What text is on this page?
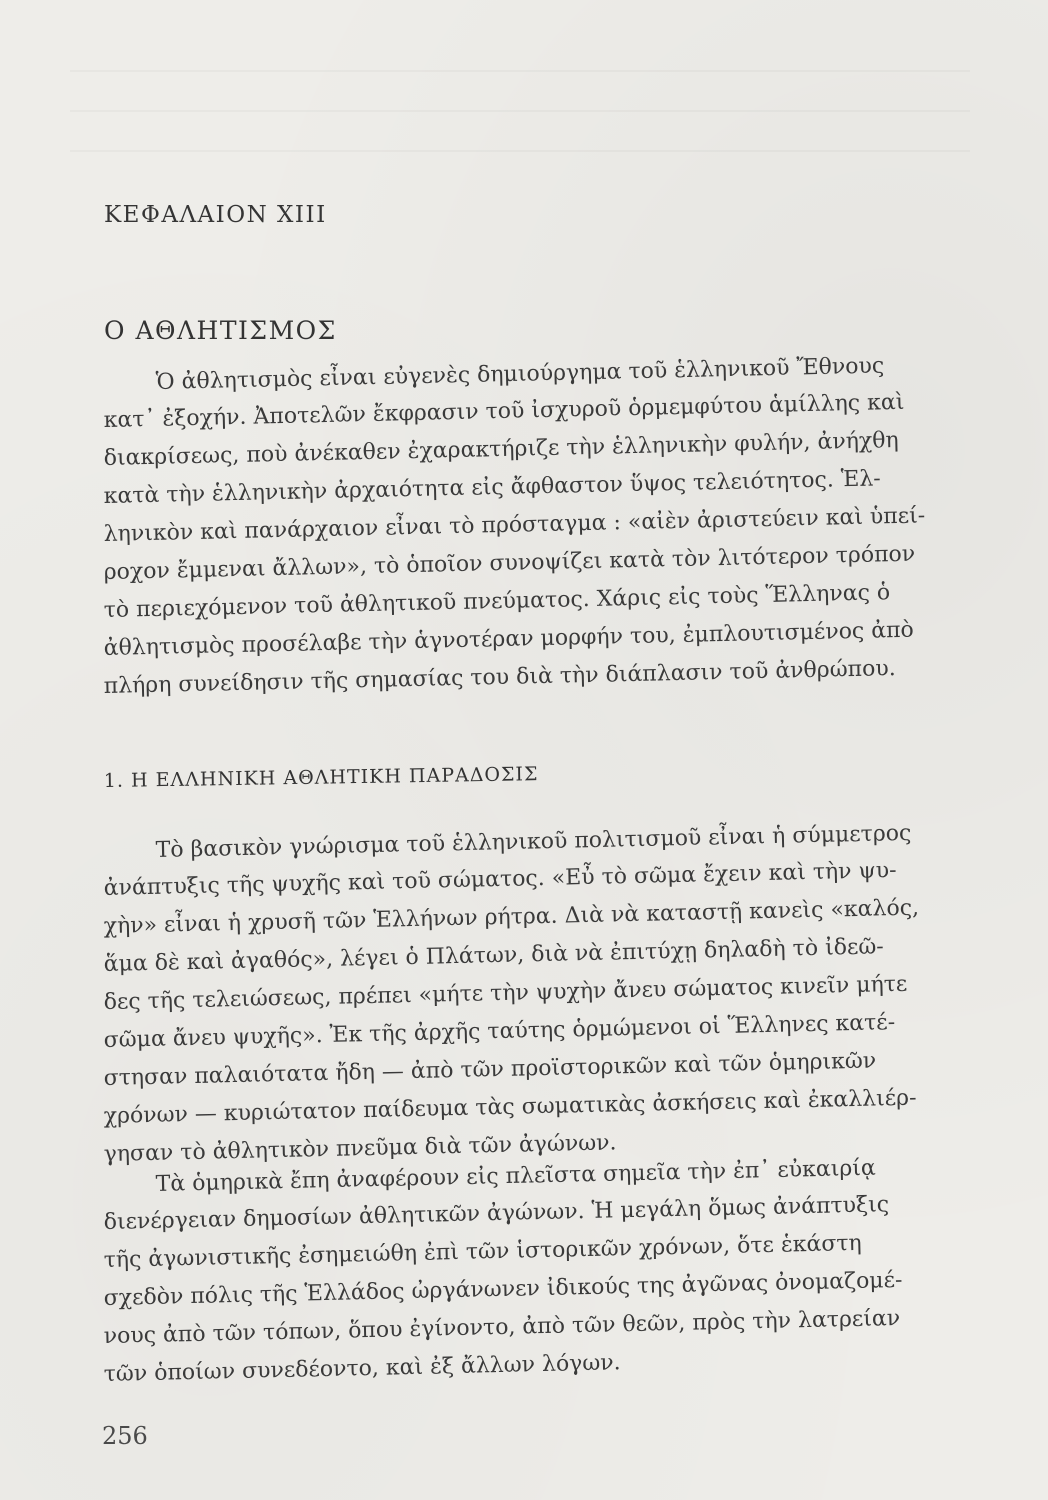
ΚΕΦΑΛΑΙΟΝ XIII
Ο ΑΘΛΗΤΙΣΜΟΣ
Ὁ ἀθλητισμὸς εἶναι εὐγενὲς δημιούργημα τοῦ ἑλληνικοῦ Ἔθνους
κατ᾽ ἐξοχήν. Ἀποτελῶν ἔκφρασιν τοῦ ἰσχυροῦ ὁρμεμφύτου ἁμίλλης καὶ
διακρίσεως, ποὺ ἀνέκαθεν ἐχαρακτήριζε τὴν ἑλληνικὴν φυλήν, ἀνήχθη
κατὰ τὴν ἑλληνικὴν ἀρχαιότητα εἰς ἄφθαστον ὕψος τελειότητος. Ἑλ-
ληνικὸν καὶ πανάρχαιον εἶναι τὸ πρόσταγμα : «αἰὲν ἀριστεύειν καὶ ὑπεί-
ροχον ἔμμεναι ἄλλων», τὸ ὁποῖον συνοψίζει κατὰ τὸν λιτότερον τρόπον
τὸ περιεχόμενον τοῦ ἀθλητικοῦ πνεύματος. Χάρις εἰς τοὺς Ἕλληνας ὁ
ἀθλητισμὸς προσέλαβε τὴν ἁγνοτέραν μορφήν του, ἐμπλουτισμένος ἀπὸ
πλήρη συνείδησιν τῆς σημασίας του διὰ τὴν διάπλασιν τοῦ ἀνθρώπου.
1. Η ΕΛΛΗΝΙΚΗ ΑΘΛΗΤΙΚΗ ΠΑΡΑΔΟΣΙΣ
Τὸ βασικὸν γνώρισμα τοῦ ἑλληνικοῦ πολιτισμοῦ εἶναι ἡ σύμμετρος
ἀνάπτυξις τῆς ψυχῆς καὶ τοῦ σώματος. «Εὖ τὸ σῶμα ἔχειν καὶ τὴν ψυ-
χὴν» εἶναι ἡ χρυσῆ τῶν Ἑλλήνων ρήτρα. Διὰ νὰ καταστῇ κανεὶς «καλός,
ἅμα δὲ καὶ ἀγαθός», λέγει ὁ Πλάτων, διὰ νὰ ἐπιτύχῃ δηλαδὴ τὸ ἰδεῶ-
δες τῆς τελειώσεως, πρέπει «μήτε τὴν ψυχὴν ἄνευ σώματος κινεῖν μήτε
σῶμα ἄνευ ψυχῆς». Ἐκ τῆς ἀρχῆς ταύτης ὁρμώμενοι οἱ Ἕλληνες κατέ-
στησαν παλαιότατα ἤδη — ἀπὸ τῶν προϊστορικῶν καὶ τῶν ὁμηρικῶν
χρόνων — κυριώτατον παίδευμα τὰς σωματικὰς ἀσκήσεις καὶ ἐκαλλιέρ-
γησαν τὸ ἀθλητικὸν πνεῦμα διὰ τῶν ἀγώνων.
Τὰ ὁμηρικὰ ἔπη ἀναφέρουν εἰς πλεῖστα σημεῖα τὴν ἐπ᾽ εὐκαιρίᾳ
διενέργειαν δημοσίων ἀθλητικῶν ἀγώνων. Ἡ μεγάλη ὅμως ἀνάπτυξις
τῆς ἀγωνιστικῆς ἐσημειώθη ἐπὶ τῶν ἱστορικῶν χρόνων, ὅτε ἑκάστη
σχεδὸν πόλις τῆς Ἑλλάδος ὠργάνωνεν ἰδικούς της ἀγῶνας ὀνομαζομέ-
νους ἀπὸ τῶν τόπων, ὅπου ἐγίνοντο, ἀπὸ τῶν θεῶν, πρὸς τὴν λατρείαν
τῶν ὁποίων συνεδέοντο, καὶ ἐξ ἄλλων λόγων.
256
